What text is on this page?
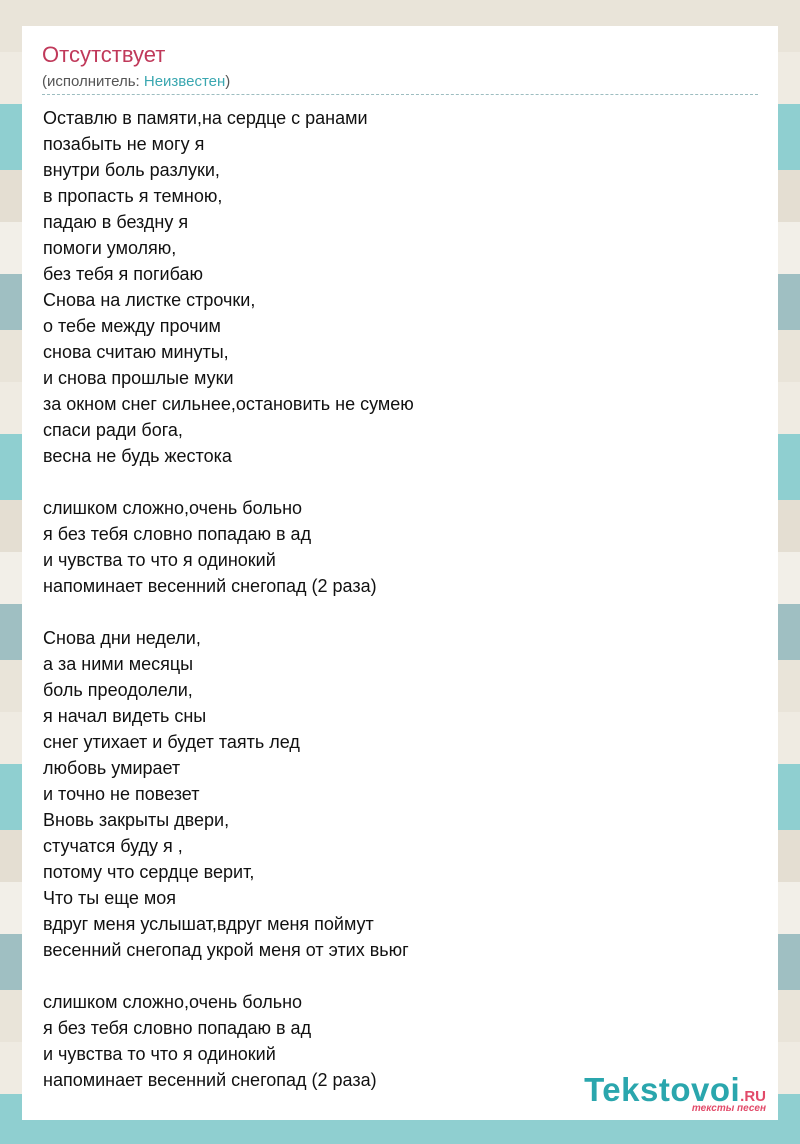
Отсутствует
(исполнитель: Неизвестен)
Оставлю в памяти,на сердце с ранами
позабыть не могу я
внутри боль разлуки,
в пропасть я темною,
падаю в бездну я
помоги умоляю,
без тебя я погибаю
Снова на листке строчки,
о тебе между прочим
снова считаю минуты,
и снова прошлые муки
за окном снег сильнее,остановить не сумею
спаси ради бога,
весна не будь жестока
слишком сложно,очень больно
я без тебя словно попадаю в ад
и чувства то что я одинокий
напоминает весенний снегопад (2 раза)
Снова дни недели,
а за ними месяцы
боль преодолели,
я начал видеть сны
снег утихает и будет таять лед
любовь умирает
и точно не повезет
Вновь закрыты двери,
стучатся буду я ,
потому что сердце верит,
Что ты еще моя
вдруг меня услышат,вдруг меня поймут
весенний снегопад укрой меня от этих вьюг
слишком сложно,очень больно
я без тебя словно попадаю в ад
и чувства то что я одинокий
напоминает весенний снегопад (2 раза)	Tekstovoi.RU
тексты песен
